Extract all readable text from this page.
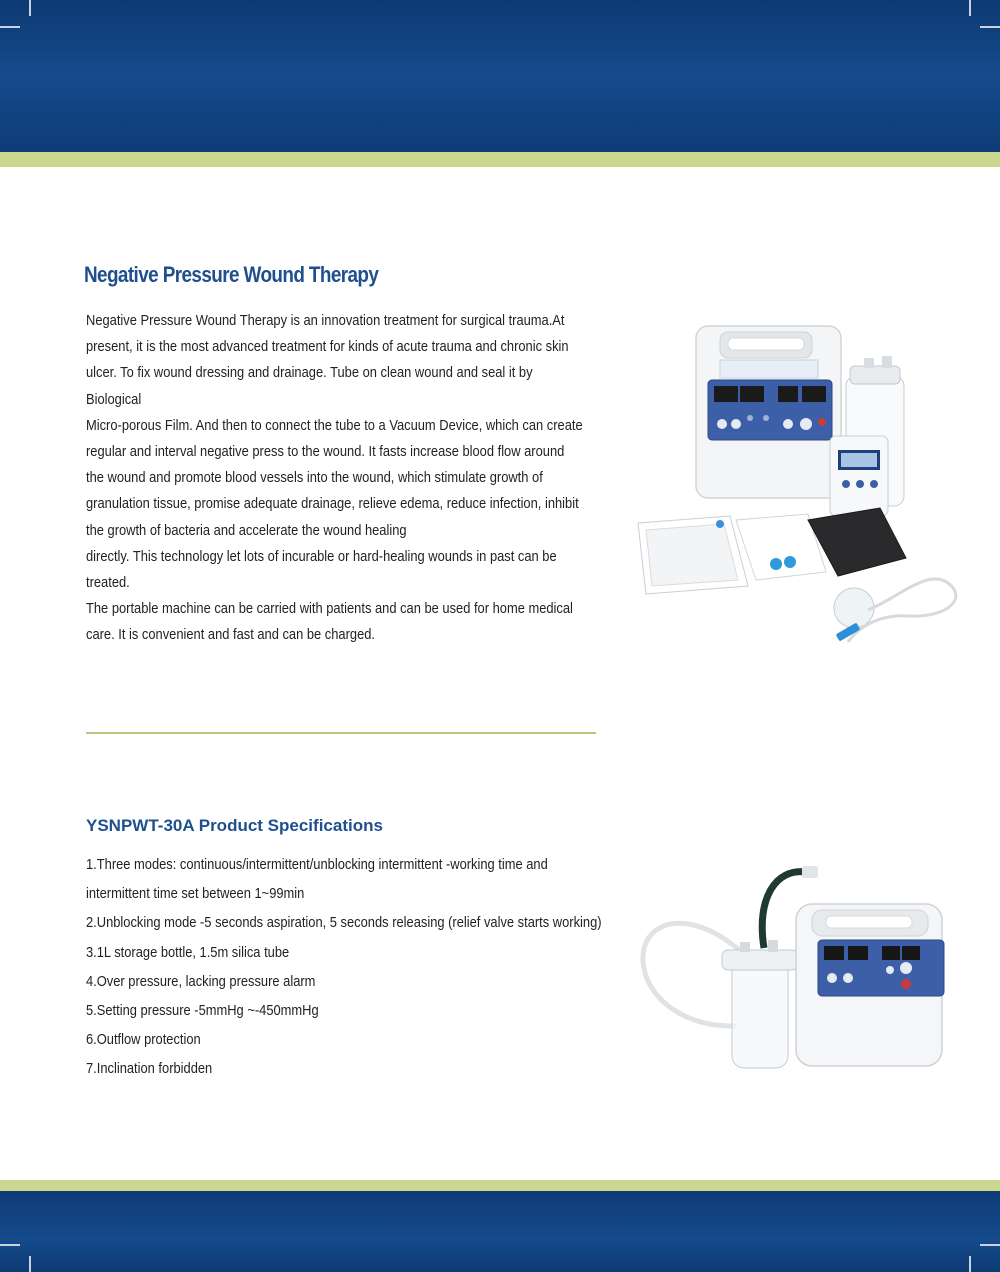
Negative Pressure Wound Therapy

Negative Pressure Wound Therapy is an innovation treatment for surgical trauma.At

present, it is the most advanced treatment for kinds of acute trauma and chronic skin

ulcer. To fix wound dressing and drainage. Tube on clean wound and seal it by

Biological

Micro-porous Film. And then to connect the tube to a Vacuum Device, which can create

regular and interval negative press to the wound. It fasts increase blood flow around

the wound and promote blood vessels into the wound, which stimulate growth of

granulation tissue, promise adequate drainage, relieve edema, reduce infection, inhibit

the growth of bacteria and accelerate the wound healing

directly. This technology let lots of incurable or hard-healing wounds in past can be

treated.

The portable machine can be carried with patients and can be used for home medical

care. It is convenient and fast and can be charged.

YSNPWT-30A Product Specifications
1.Three modes: continuous/intermittent/unblocking intermittent -working time and
intermittent time set between 1~99min
2.Unblocking mode -5 seconds aspiration, 5 seconds releasing (relief valve starts working)
3.1L storage bottle, 1.5m silica tube
4.Over pressure, lacking pressure alarm
5.Setting pressure -5mmHg ~-450mmHg
6.Outflow protection
7.Inclination forbidden
